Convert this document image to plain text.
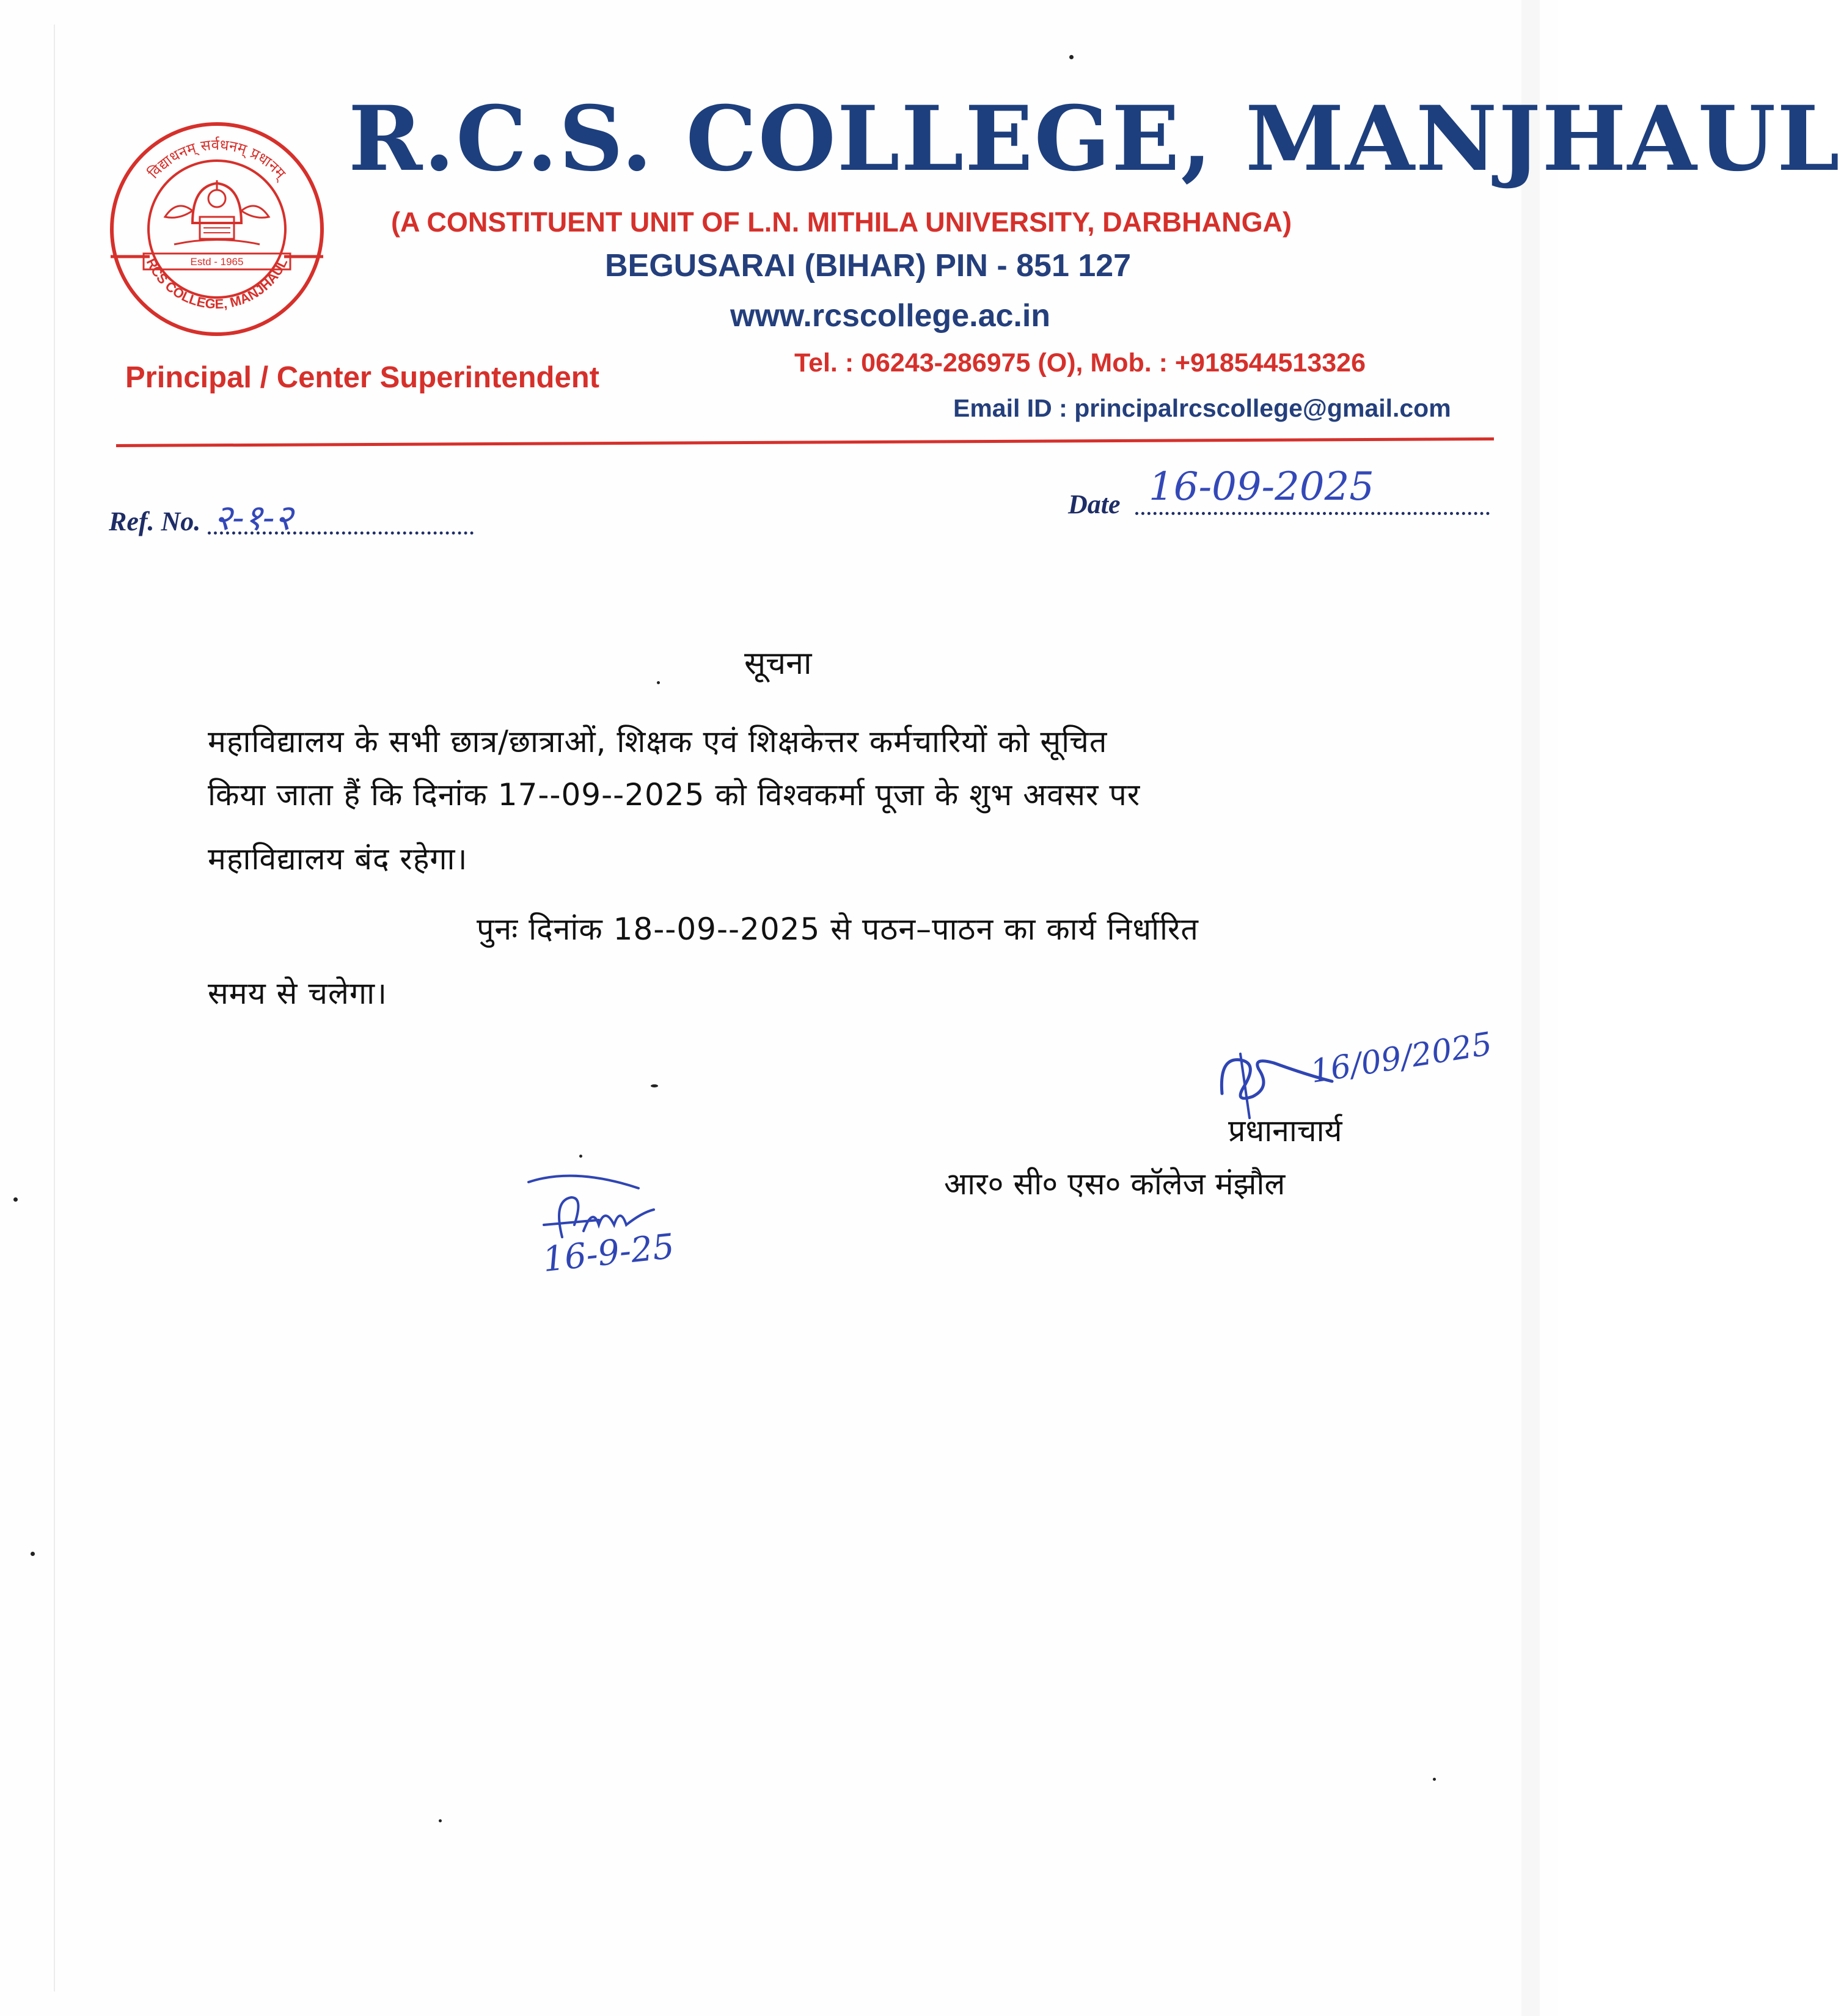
विद्याधनम् सर्वधनम् प्रधानम्
RCS COLLEGE, MANJHAUL
Estd - 1965
R.C.S. COLLEGE, MANJHAUL
(A CONSTITUENT UNIT OF L.N. MITHILA UNIVERSITY, DARBHANGA)
BEGUSARAI (BIHAR) PIN - 851 127
www.rcscollege.ac.in
Principal / Center Superintendent	Tel. : 06243-286975 (O), Mob. : +918544513326
Email ID : principalrcscollege@gmail.com
Ref. No. २-१-२	Date 16-09-2025
सूचना
महाविद्यालय के सभी छात्र/छात्राओं, शिक्षक एवं शिक्षकेत्तर कर्मचारियों को सूचित
किया जाता हैं कि दिनांक 17--09--2025 को विश्वकर्मा पूजा के शुभ अवसर पर
महाविद्यालय बंद रहेगा।
पुनः दिनांक 18--09--2025 से पठन–पाठन का कार्य निर्धारित
समय से चलेगा।
16/09/2025
प्रधानाचार्य
आर० सी० एस० कॉलेज मंझौल
16-9-25
